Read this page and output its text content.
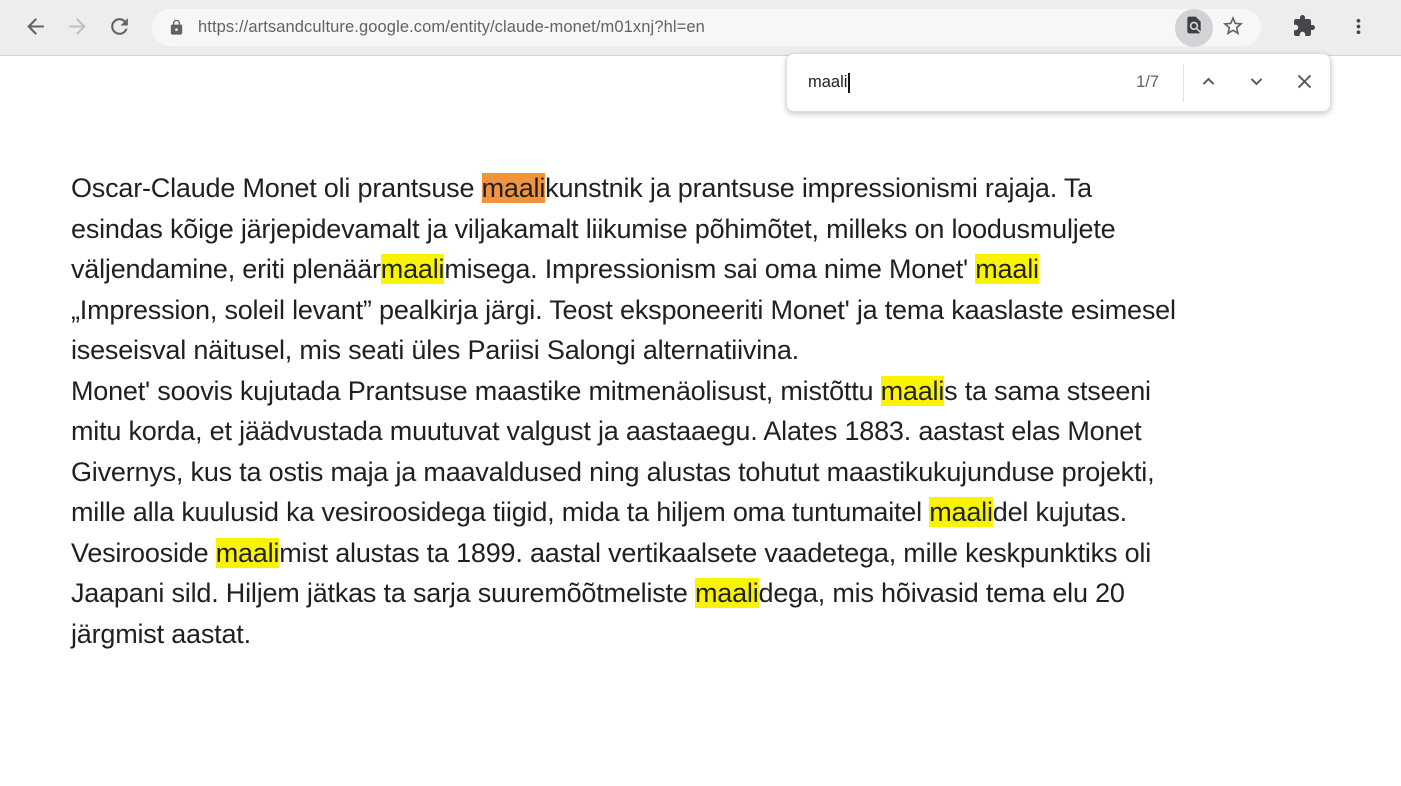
https://artsandculture.google.com/entity/claude-monet/m01xnj?hl=en
maali	1/7
Oscar-Claude Monet oli prantsuse maalikunstnik ja prantsuse impressionismi rajaja. Ta
esindas kõige järjepidevamalt ja viljakamalt liikumise põhimõtet, milleks on loodusmuljete
väljendamine, eriti plenäärmaalimisega. Impressionism sai oma nime Monet' maali
„Impression, soleil levant” pealkirja järgi. Teost eksponeeriti Monet' ja tema kaaslaste esimesel
iseseisval näitusel, mis seati üles Pariisi Salongi alternatiivina.
Monet' soovis kujutada Prantsuse maastike mitmenäolisust, mistõttu maalis ta sama stseeni
mitu korda, et jäädvustada muutuvat valgust ja aastaaegu. Alates 1883. aastast elas Monet
Givernys, kus ta ostis maja ja maavaldused ning alustas tohutut maastikukujunduse projekti,
mille alla kuulusid ka vesiroosidega tiigid, mida ta hiljem oma tuntumaitel maalidel kujutas.
Vesirooside maalimist alustas ta 1899. aastal vertikaalsete vaadetega, mille keskpunktiks oli
Jaapani sild. Hiljem jätkas ta sarja suuremõõtmeliste maalidega, mis hõivasid tema elu 20
järgmist aastat.
